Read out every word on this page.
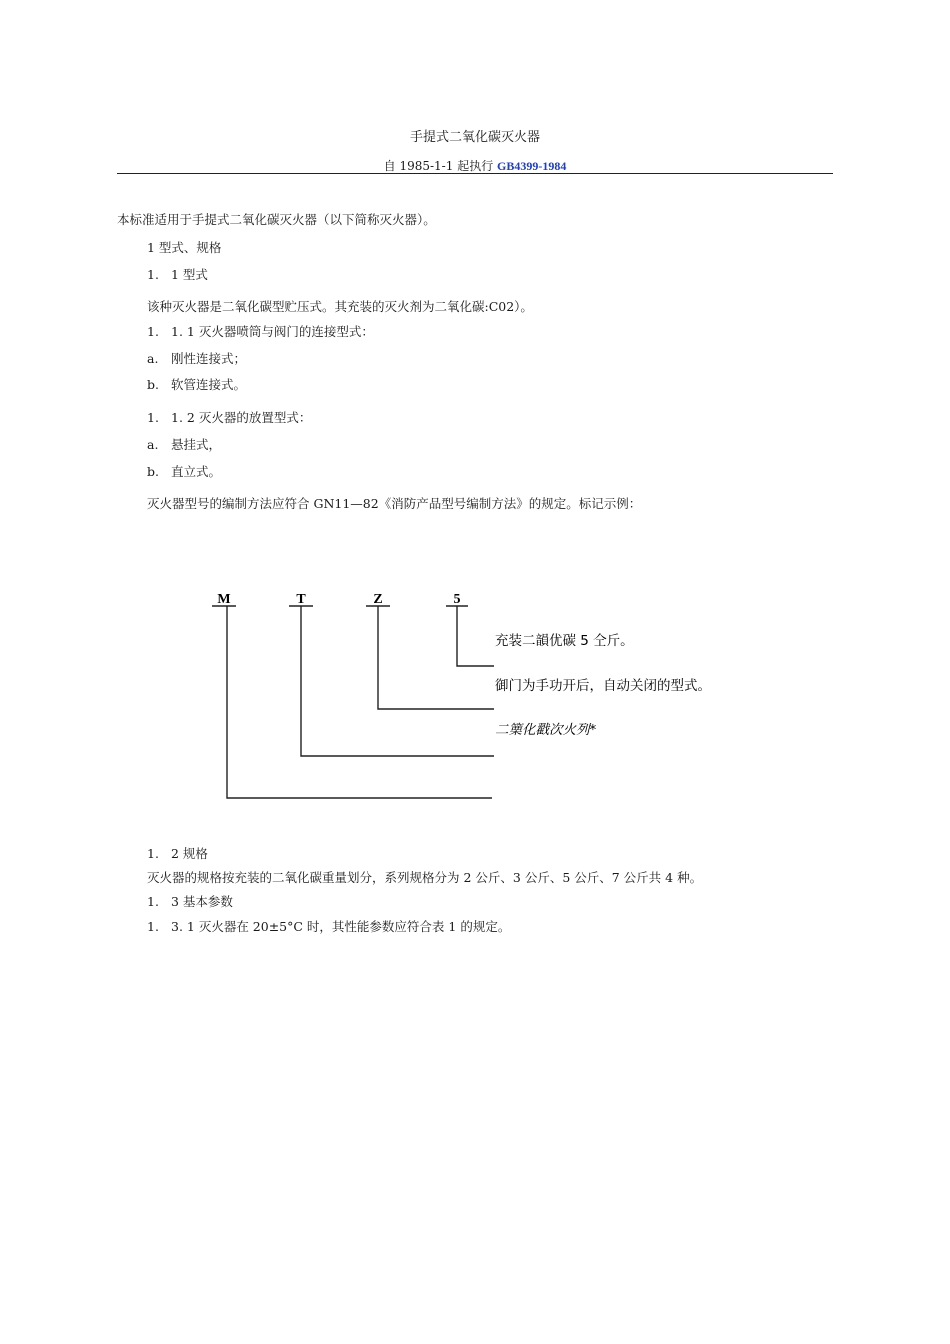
手提式二氧化碳灭火器
自 1985-1-1 起执行 GB4399-1984
本标准适用于手提式二氧化碳灭火器（以下简称灭火器）。
1 型式、规格
1. 1 型式
该种灭火器是二氧化碳型贮压式。其充装的灭火剂为二氧化碳:C02）。
1. 1. 1 灭火器喷筒与阀门的连接型式：
a. 刚性连接式；
b. 软管连接式。
1. 1. 2 灭火器的放置型式：
a. 悬挂式，
b. 直立式。
灭火器型号的编制方法应符合 GN11—82《消防产品型号编制方法》的规定。标记示例：
M	T	Z	5
充装二韻优碳 5 仝斤。
御门为手功开后，自动关闭的型式。
二篥化戳次火列*
1. 2 规格
灭火器的规格按充装的二氧化碳重量划分，系列规格分为 2 公斤、3 公斤、5 公斤、7 公斤共 4 种。
1. 3 基本参数
1. 3. 1 灭火器在 20±5°C 时，其性能参数应符合表 1 的规定。
